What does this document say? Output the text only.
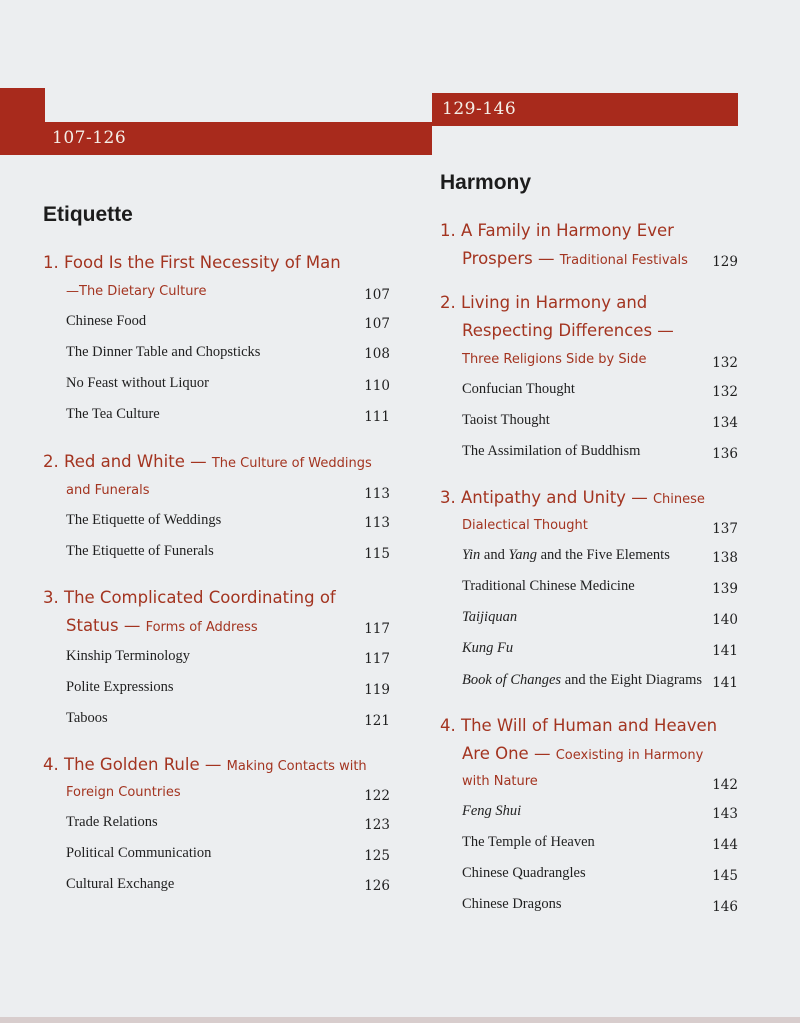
107-126
129-146
Etiquette
1. Food Is the First Necessity of Man
—The Dietary Culture	107
Chinese Food	107
The Dinner Table and Chopsticks	108
No Feast without Liquor	110
The Tea Culture	111
2. Red and White — The Culture of Weddings
and Funerals	113
The Etiquette of Weddings	113
The Etiquette of Funerals	115
3. The Complicated Coordinating of
Status — Forms of Address	117
Kinship Terminology	117
Polite Expressions	119
Taboos	121
4. The Golden Rule — Making Contacts with
Foreign Countries	122
Trade Relations	123
Political Communication	125
Cultural Exchange	126
Harmony
1. A Family in Harmony Ever
Prospers — Traditional Festivals	129
2. Living in Harmony and
Respecting Differences —
Three Religions Side by Side	132
Confucian Thought	132
Taoist Thought	134
The Assimilation of Buddhism	136
3. Antipathy and Unity — Chinese
Dialectical Thought	137
Yin and Yang and the Five Elements	138
Traditional Chinese Medicine	139
Taijiquan	140
Kung Fu	141
Book of Changes and the Eight Diagrams 141
4. The Will of Human and Heaven
Are One — Coexisting in Harmony
with Nature	142
Feng Shui	143
The Temple of Heaven	144
Chinese Quadrangles	145
Chinese Dragons	146
